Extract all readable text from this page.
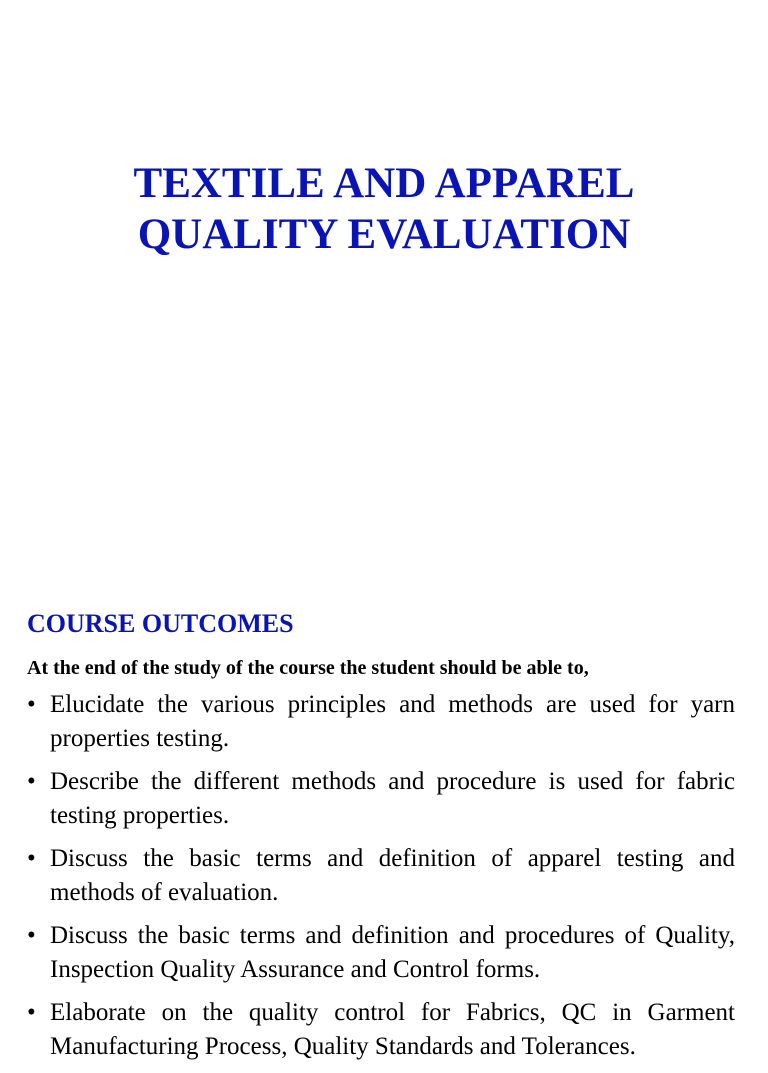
TEXTILE AND APPAREL
QUALITY EVALUATION
COURSE OUTCOMES

At the end of the study of the course the student should be able to,

• Elucidate the various principles and methods are used for yarn properties testing.
• Describe the different methods and procedure is used for fabric testing properties.
• Discuss the basic terms and definition of apparel testing and methods of evaluation.
• Discuss the basic terms and definition and procedures of Quality, Inspection Quality Assurance and Control forms.
• Elaborate on the quality control for Fabrics, QC in Garment Manufacturing Process, Quality Standards and Tolerances.
